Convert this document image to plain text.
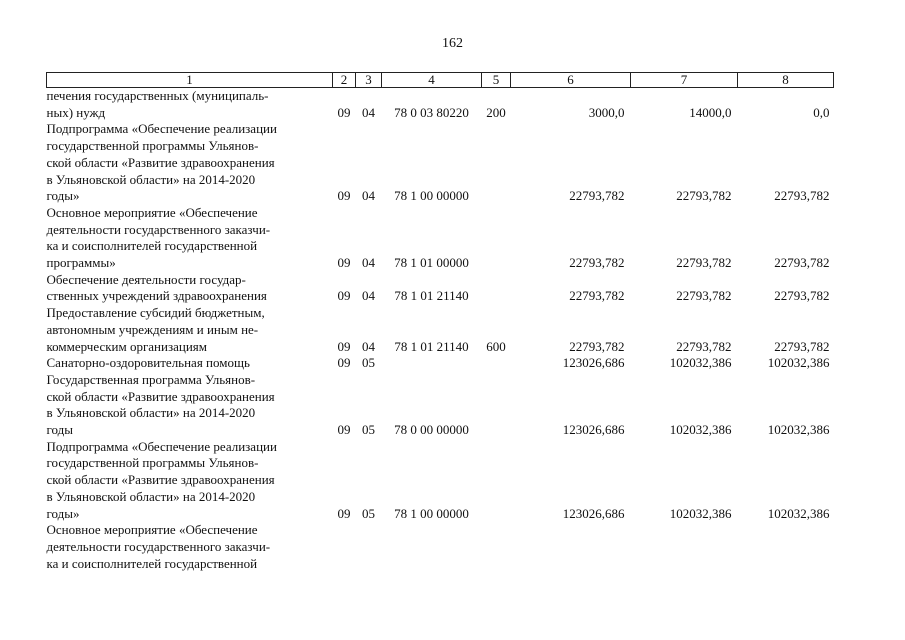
162
1	2	3	4	5	6	7	8

печения государственных (муниципаль-
ных) нужд	09	04	78 0 03 80220	200	3000,0	14000,0	0,0

Подпрограмма «Обеспечение реализации
государственной программы Ульянов-
ской области «Развитие здравоохранения
в Ульяновской области» на 2014-2020
годы»	09	04	78 1 00 00000		22793,782	22793,782	22793,782

Основное мероприятие «Обеспечение
деятельности государственного заказчи-
ка и соисполнителей государственной
программы»	09	04	78 1 01 00000		22793,782	22793,782	22793,782

Обеспечение деятельности государ-
ственных учреждений здравоохранения	09	04	78 1 01 21140		22793,782	22793,782	22793,782

Предоставление субсидий бюджетным,
автономным учреждениям и иным не-
коммерческим организациям	09	04	78 1 01 21140	600	22793,782	22793,782	22793,782

Санаторно-оздоровительная помощь	09	05			123026,686	102032,386	102032,386

Государственная программа Ульянов-
ской области «Развитие здравоохранения
в Ульяновской области» на 2014-2020
годы	09	05	78 0 00 00000		123026,686	102032,386	102032,386

Подпрограмма «Обеспечение реализации
государственной программы Ульянов-
ской области «Развитие здравоохранения
в Ульяновской области» на 2014-2020
годы»	09	05	78 1 00 00000		123026,686	102032,386	102032,386

Основное мероприятие «Обеспечение
деятельности государственного заказчи-
ка и соисполнителей государственной							
